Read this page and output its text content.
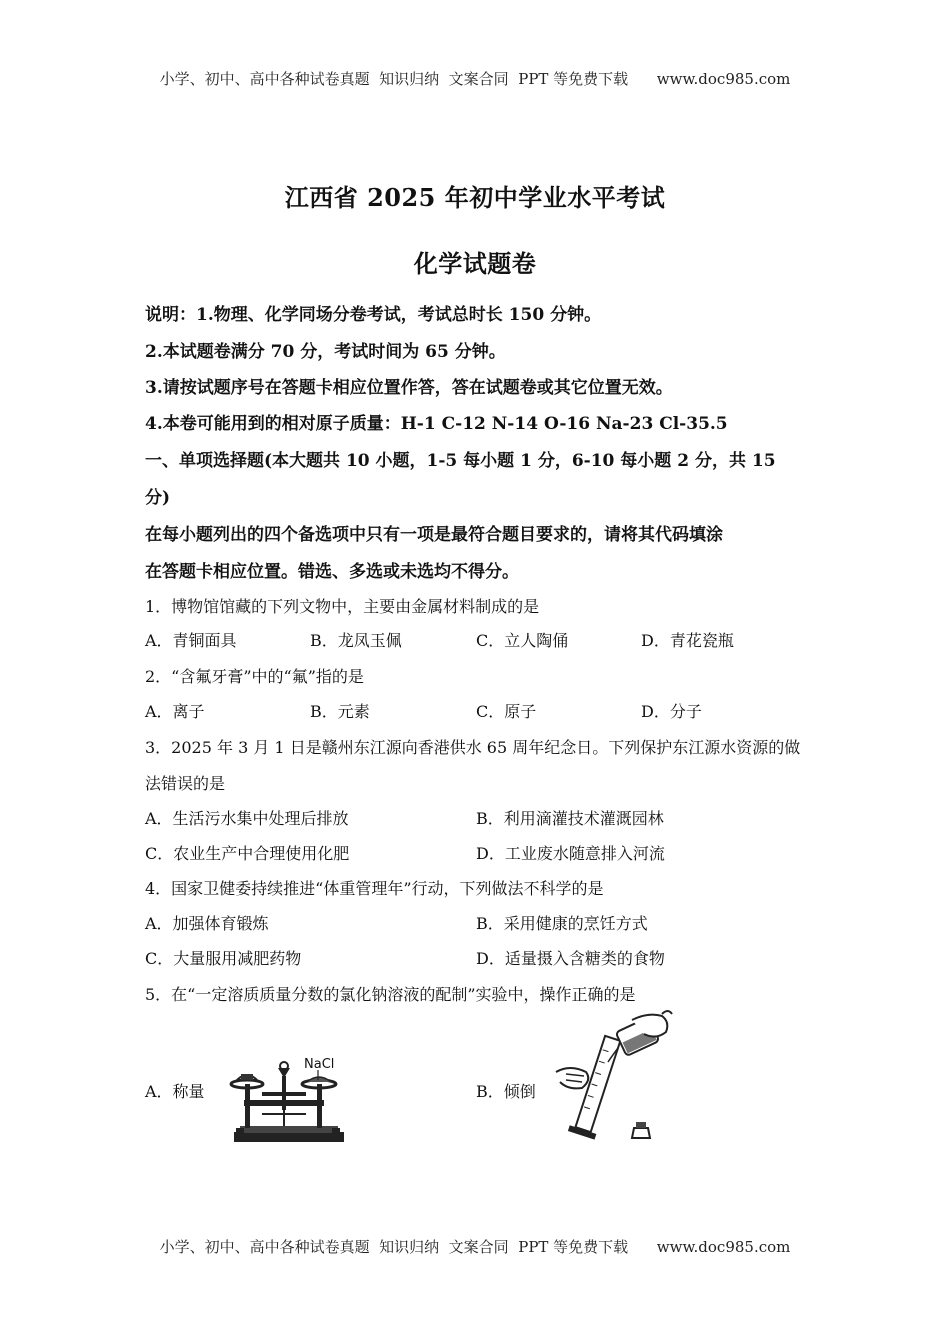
小学、初中、高中各种试卷真题  知识归纳  文案合同  PPT 等免费下载      www.doc985.com
江西省 2025 年初中学业水平考试
化学试题卷
说明：1.物理、化学同场分卷考试，考试总时长 150 分钟。
2.本试题卷满分 70 分，考试时间为 65 分钟。
3.请按试题序号在答题卡相应位置作答，答在试题卷或其它位置无效。
4.本卷可能用到的相对原子质量：H-1 C-12 N-14 O-16 Na-23 Cl-35.5
一、单项选择题(本大题共 10 小题，1-5 每小题 1 分，6-10 每小题 2 分，共 15
分)
在每小题列出的四个备选项中只有一项是最符合题目要求的，请将其代码填涂
在答题卡相应位置。错选、多选或未选均不得分。
1．博物馆馆藏的下列文物中，主要由金属材料制成的是
A．青铜面具	B．龙凤玉佩	C．立人陶俑	D．青花瓷瓶
2．“含氟牙膏”中的“氟”指的是
A．离子	B．元素	C．原子	D．分子
3．2025 年 3 月 1 日是赣州东江源向香港供水 65 周年纪念日。下列保护东江源水资源的做
法错误的是
A．生活污水集中处理后排放	B．利用滴灌技术灌溉园林
C．农业生产中合理使用化肥	D．工业废水随意排入河流
4．国家卫健委持续推进“体重管理年”行动，下列做法不科学的是
A．加强体育锻炼	B．采用健康的烹饪方式
C．大量服用减肥药物	D．适量摄入含糖类的食物
5．在“一定溶质质量分数的氯化钠溶液的配制”实验中，操作正确的是
A．称量	B．倾倒
NaCl
小学、初中、高中各种试卷真题  知识归纳  文案合同  PPT 等免费下载      www.doc985.com
